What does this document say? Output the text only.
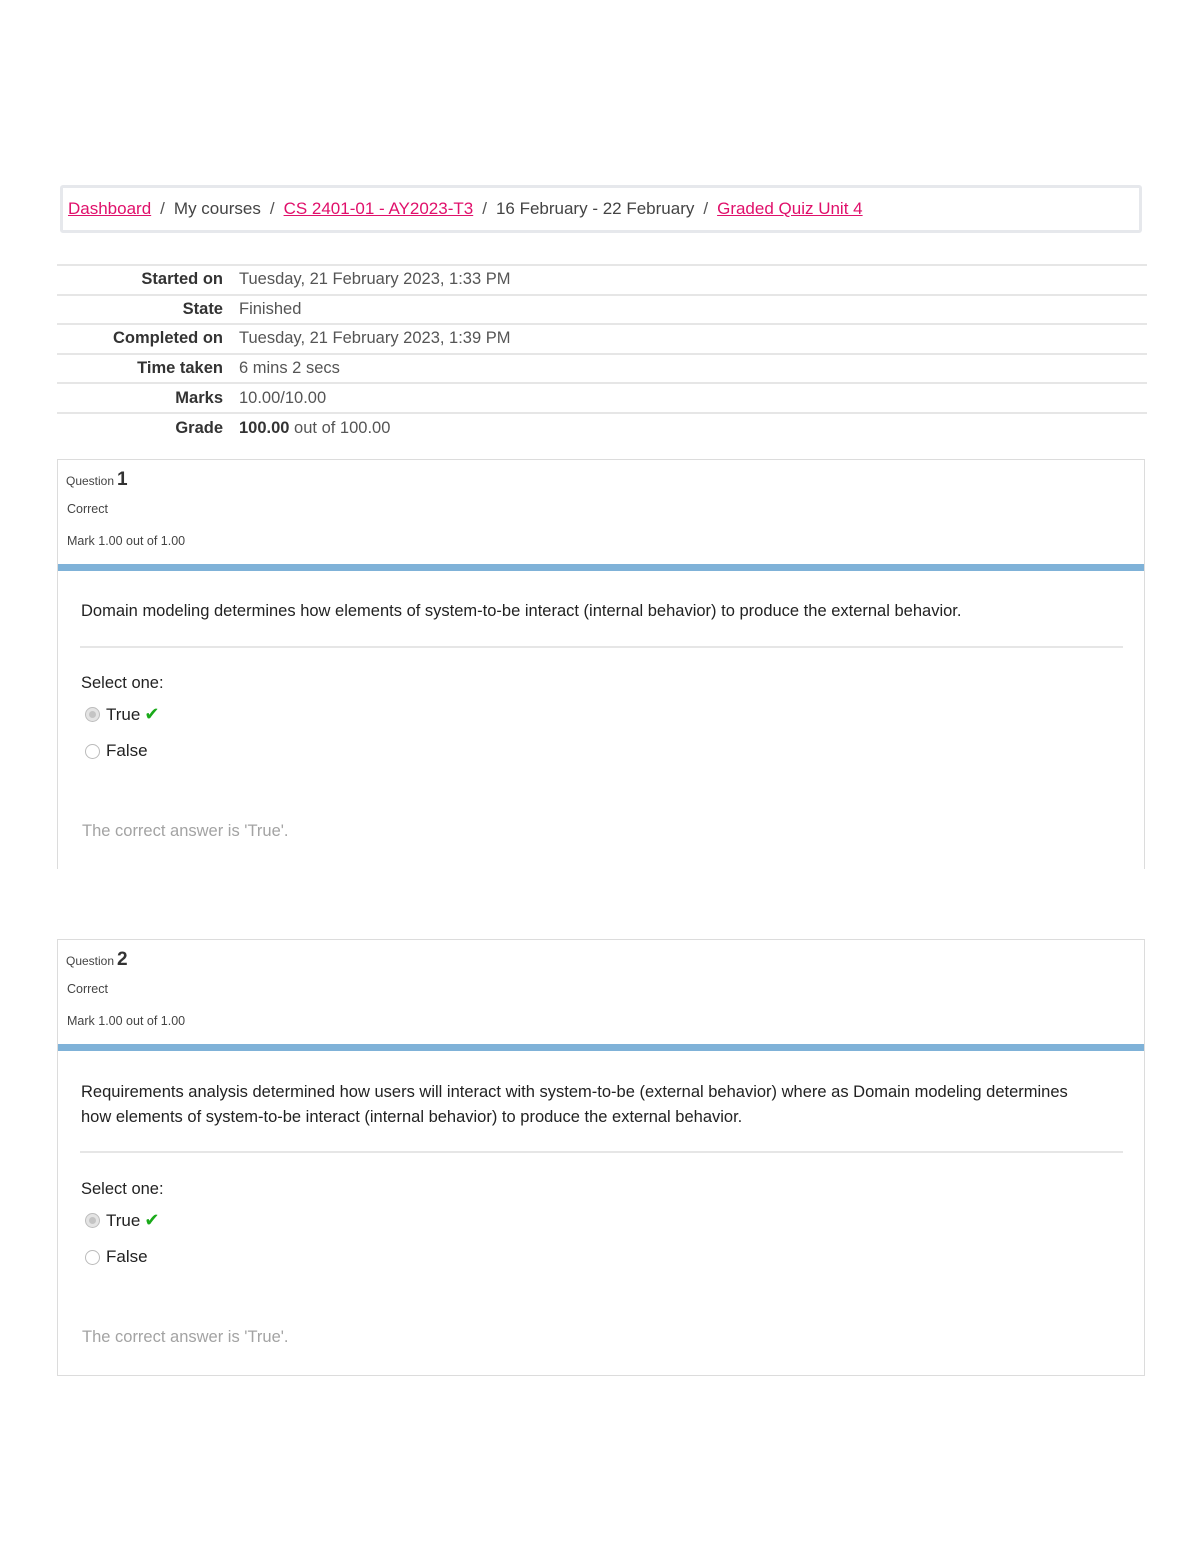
Dashboard / My courses / CS 2401-01 - AY2023-T3 / 16 February - 22 February / Graded Quiz Unit 4
Started on	Tuesday, 21 February 2023, 1:33 PM
State	Finished
Completed on	Tuesday, 21 February 2023, 1:39 PM
Time taken	6 mins 2 secs
Marks	10.00/10.00
Grade	100.00 out of 100.00
Question 1
Correct
Mark 1.00 out of 1.00
Domain modeling determines how elements of system-to-be interact (internal behavior) to produce the external behavior.
Select one:
True ✔
False
The correct answer is 'True'.
Question 2
Correct
Mark 1.00 out of 1.00
Requirements analysis determined how users will interact with system-to-be (external behavior) where as Domain modeling determines how elements of system-to-be interact (internal behavior) to produce the external behavior.
Select one:
True ✔
False
The correct answer is 'True'.
